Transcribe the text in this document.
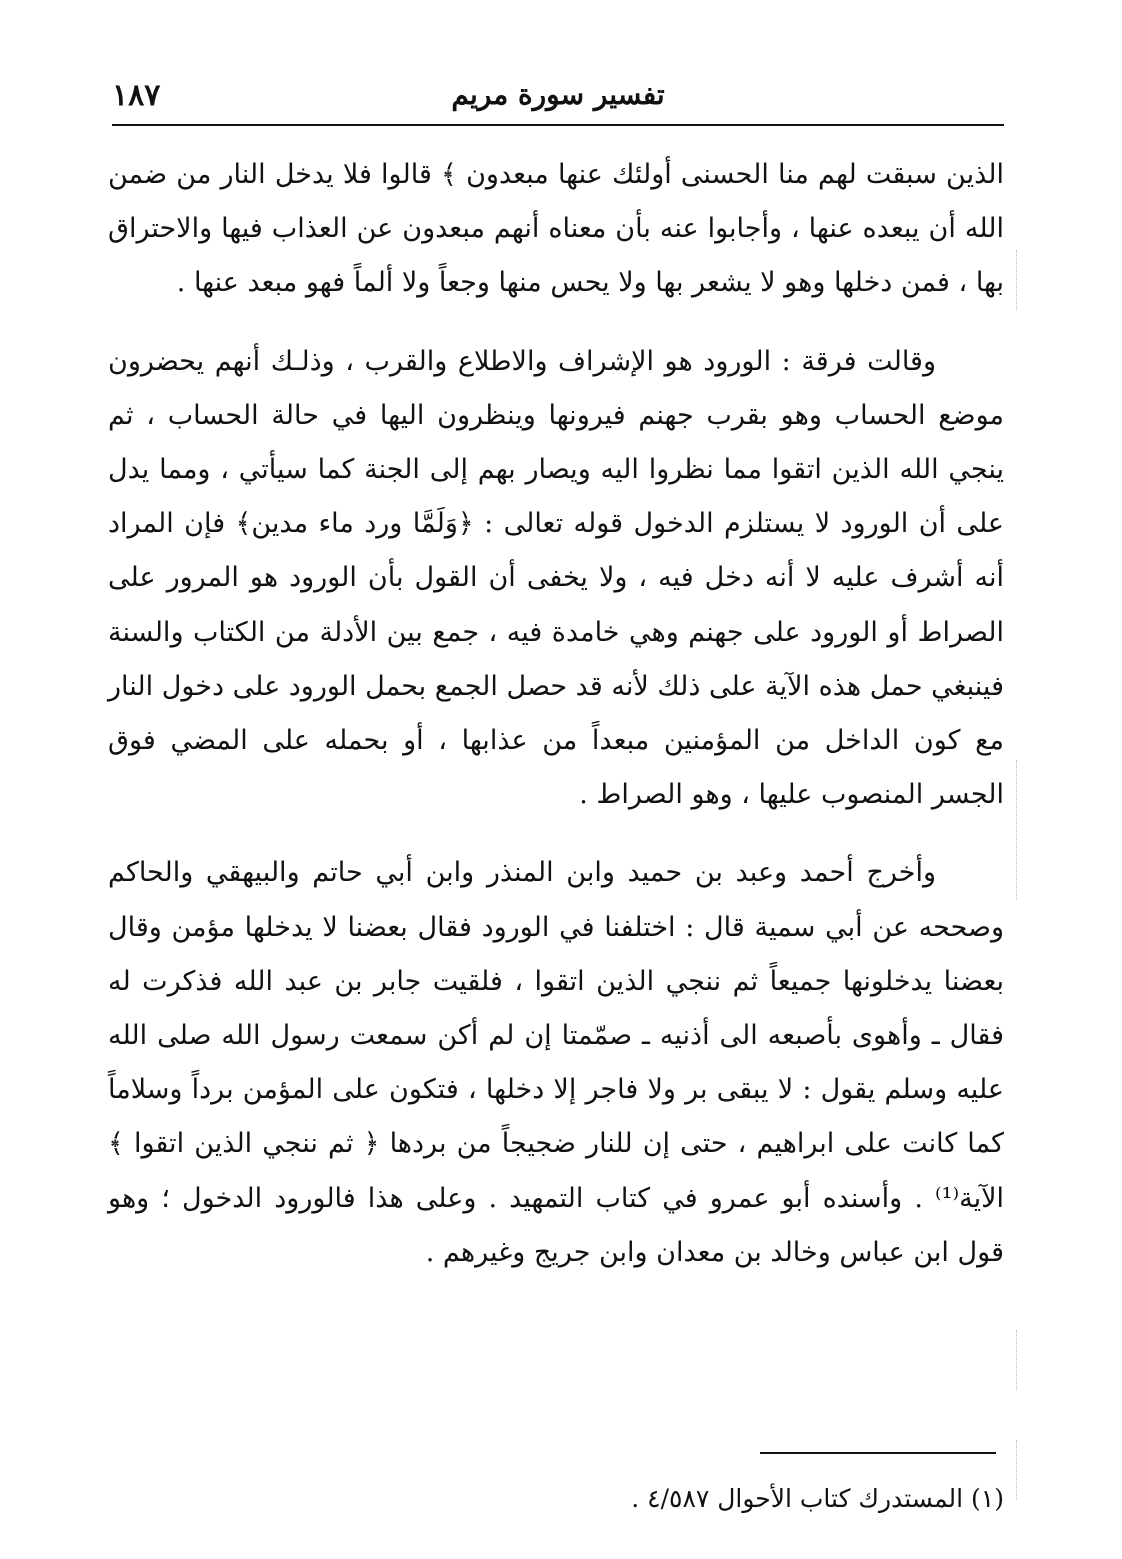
١٨٧	تفسير سورة مريم

الذين سبقت لهم منا الحسنى أولئك عنها مبعدون ﴾ قالوا فلا يدخل النار من ضمن الله أن يبعده عنها ، وأجابوا عنه بأن معناه أنهم مبعدون عن العذاب فيها والاحتراق بها ، فمن دخلها وهو لا يشعر بها ولا يحس منها وجعاً ولا ألماً فهو مبعد عنها .

وقالت فرقة : الورود هو الإشراف والاطلاع والقرب ، وذلـك أنهم يحضرون موضع الحساب وهو بقرب جهنم فيرونها وينظرون اليها في حالة الحساب ، ثم ينجي الله الذين اتقوا مما نظروا اليه ويصار بهم إلى الجنة كما سيأتي ، ومما يدل على أن الورود لا يستلزم الدخول قوله تعالى : ﴿وَلَمَّا ورد ماء مدين﴾ فإن المراد أنه أشرف عليه لا أنه دخل فيه ، ولا يخفى أن القول بأن الورود هو المرور على الصراط أو الورود على جهنم وهي خامدة فيه ، جمع بين الأدلة من الكتاب والسنة فينبغي حمل هذه الآية على ذلك لأنه قد حصل الجمع بحمل الورود على دخول النار مع كون الداخل من المؤمنين مبعداً من عذابها ، أو بحمله على المضي فوق الجسر المنصوب عليها ، وهو الصراط .

وأخرج أحمد وعبد بن حميد وابن المنذر وابن أبي حاتم والبيهقي والحاكم وصححه عن أبي سمية قال : اختلفنا في الورود فقال بعضنا لا يدخلها مؤمن وقال بعضنا يدخلونها جميعاً ثم ننجي الذين اتقوا ، فلقيت جابر بن عبد الله فذكرت له فقال ـ وأهوى بأصبعه الى أذنيه ـ صمّمتا إن لم أكن سمعت رسول الله صلى الله عليه وسلم يقول : لا يبقى بر ولا فاجر إلا دخلها ، فتكون على المؤمن برداً وسلاماً كما كانت على ابراهيم ، حتى إن للنار ضجيجاً من بردها ﴿ ثم ننجي الذين اتقوا ﴾ الآية⁽¹⁾ . وأسنده أبو عمرو في كتاب التمهيد . وعلى هذا فالورود الدخول ؛ وهو قول ابن عباس وخالد بن معدان وابن جريج وغيرهم .

(١) المستدرك كتاب الأحوال ٤/٥٨٧ .
